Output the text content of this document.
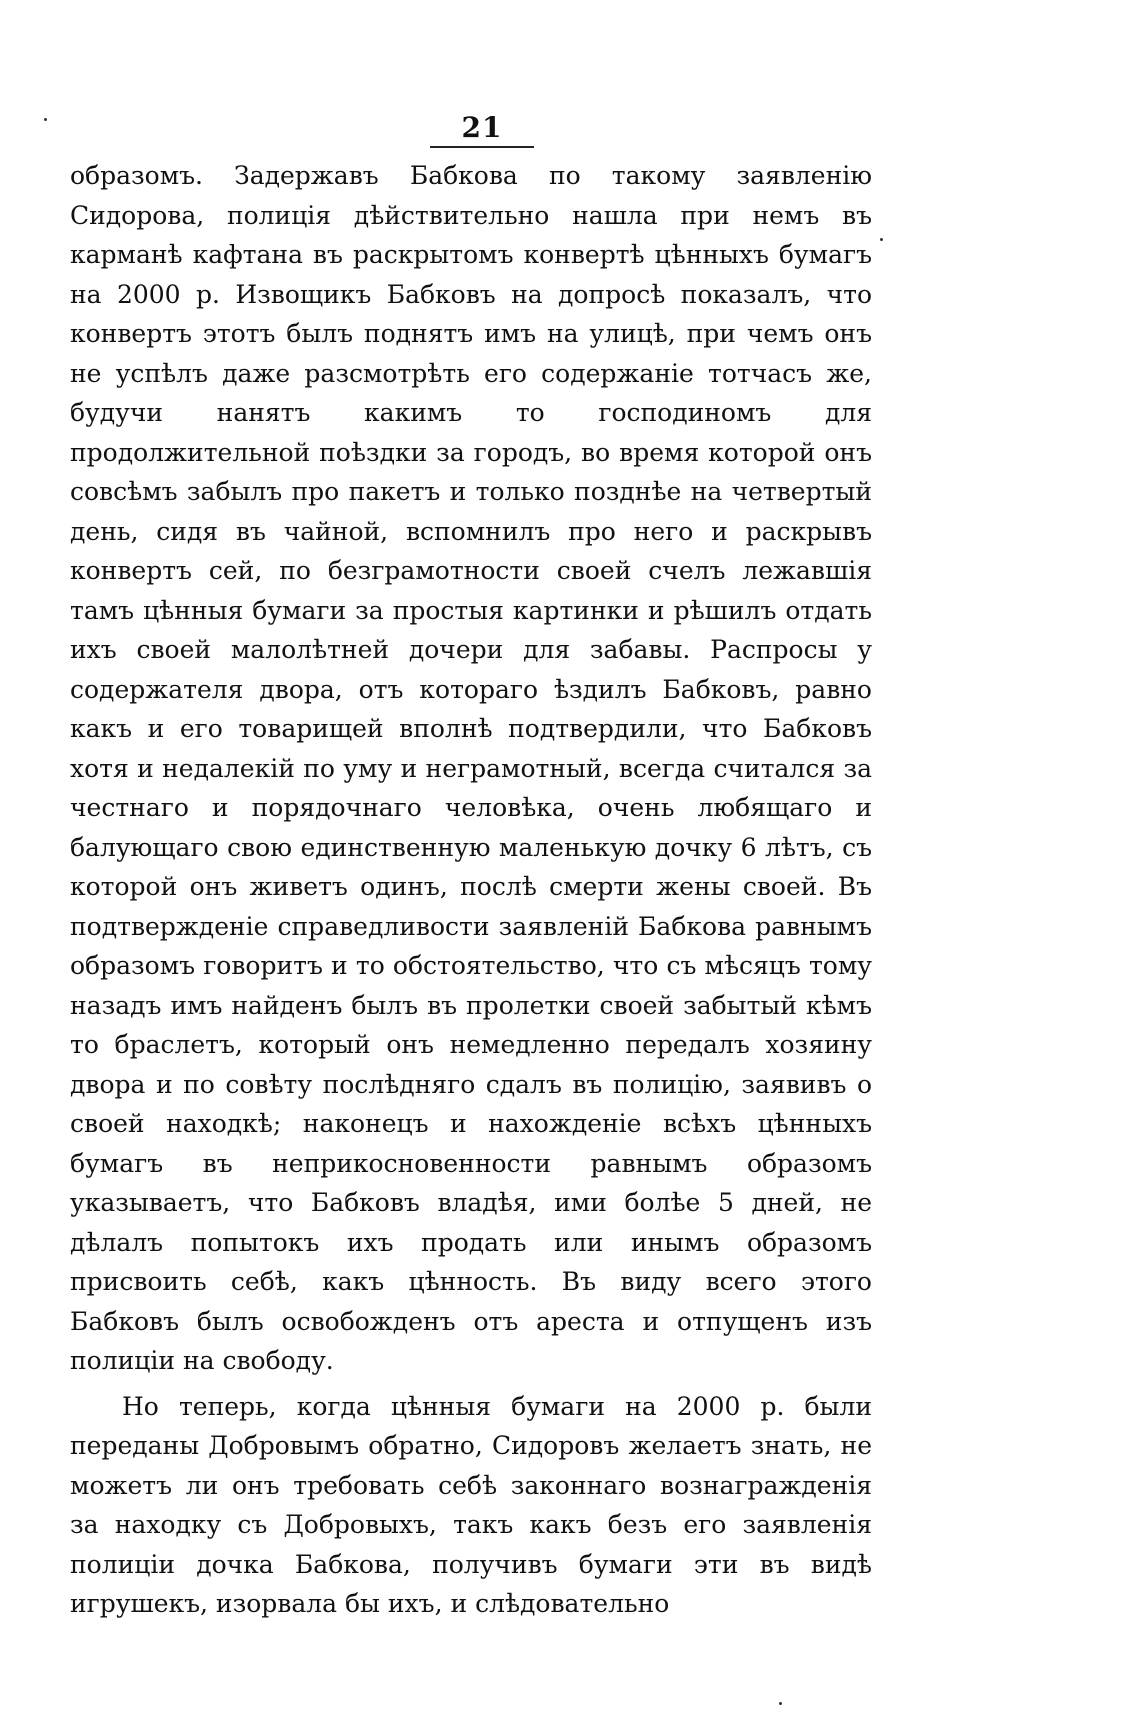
21

образомъ. Задержавъ Бабкова по такому заявленію Сидорова, полиція дѣйствительно нашла при немъ въ карманѣ кафтана въ раскрытомъ конвертѣ цѣнныхъ бумагъ на 2000 р. Извощикъ Бабковъ на допросѣ показалъ, что конвертъ этотъ былъ поднятъ имъ на улицѣ, при чемъ онъ не успѣлъ даже разсмотрѣть его содержаніе тотчасъ же, будучи нанятъ какимъ то господиномъ для продолжительной поѣздки за городъ, во время которой онъ совсѣмъ забылъ про пакетъ и только позднѣе на четвертый день, сидя въ чайной, вспомнилъ про него и раскрывъ конвертъ сей, по безграмотности своей счелъ лежавшія тамъ цѣнныя бумаги за простыя картинки и рѣшилъ отдать ихъ своей малолѣтней дочери для забавы. Распросы у содержателя двора, отъ котораго ѣздилъ Бабковъ, равно какъ и его товарищей вполнѣ подтвердили, что Бабковъ хотя и недалекій по уму и неграмотный, всегда считался за честнаго и порядочнаго человѣка, очень любящаго и балующаго свою единственную маленькую дочку 6 лѣтъ, съ которой онъ живетъ одинъ, послѣ смерти жены своей. Въ подтвержденіе справедливости заявленій Бабкова равнымъ образомъ говоритъ и то обстоятельство, что съ мѣсяцъ тому назадъ имъ найденъ былъ въ пролетки своей забытый кѣмъ то браслетъ, который онъ немедленно передалъ хозяину двора и по совѣту послѣдняго сдалъ въ полицію, заявивъ о своей находкѣ; наконецъ и нахожденіе всѣхъ цѣнныхъ бумагъ въ неприкосновенности равнымъ образомъ указываетъ, что Бабковъ владѣя, ими болѣе 5 дней, не дѣлалъ попытокъ ихъ продать или инымъ образомъ присвоить себѣ, какъ цѣнность. Въ виду всего этого Бабковъ былъ освобожденъ отъ ареста и отпущенъ изъ полиціи на свободу.

Но теперь, когда цѣнныя бумаги на 2000 р. были переданы Добровымъ обратно, Сидоровъ желаетъ знать, не можетъ ли онъ требовать себѣ законнаго вознагражденія за находку съ Добровыхъ, такъ какъ безъ его заявленія полиціи дочка Бабкова, получивъ бумаги эти въ видѣ игрушекъ, изорвала бы ихъ, и слѣдовательно
